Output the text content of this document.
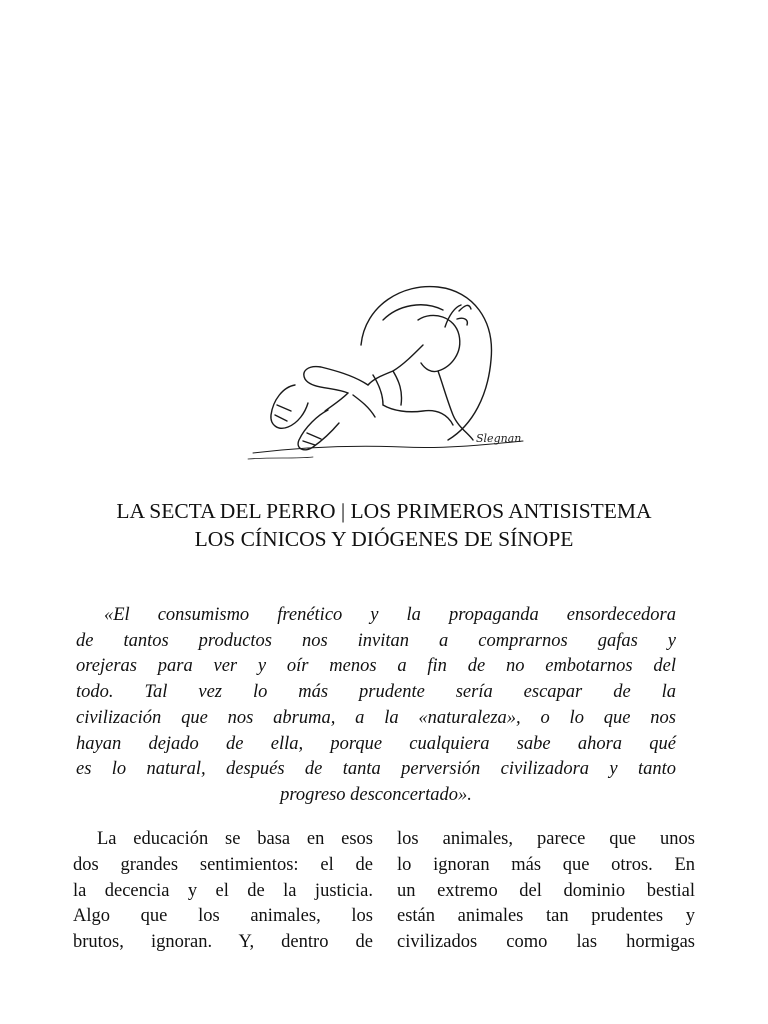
Slegnan
LA SECTA DEL PERRO | LOS PRIMEROS ANTISISTEMA
LOS CÍNICOS Y DIÓGENES DE SÍNOPE

«El consumismo frenético y la propaganda ensordecedora
de tantos productos nos invitan a comprarnos gafas y
orejeras para ver y oír menos a fin de no embotarnos del
todo. Tal vez lo más prudente sería escapar de la
civilización que nos abruma, a la «naturaleza», o lo que nos
hayan dejado de ella, porque cualquiera sabe ahora qué
es lo natural, después de tanta perversión civilizadora y tanto
progreso desconcertado».

La educación se basa en esos
dos grandes sentimientos: el de
la decencia y el de la justicia.
Algo que los animales, los
brutos, ignoran. Y, dentro de

los animales, parece que unos
lo ignoran más que otros. En
un extremo del dominio bestial
están animales tan prudentes y
civilizados como las hormigas
